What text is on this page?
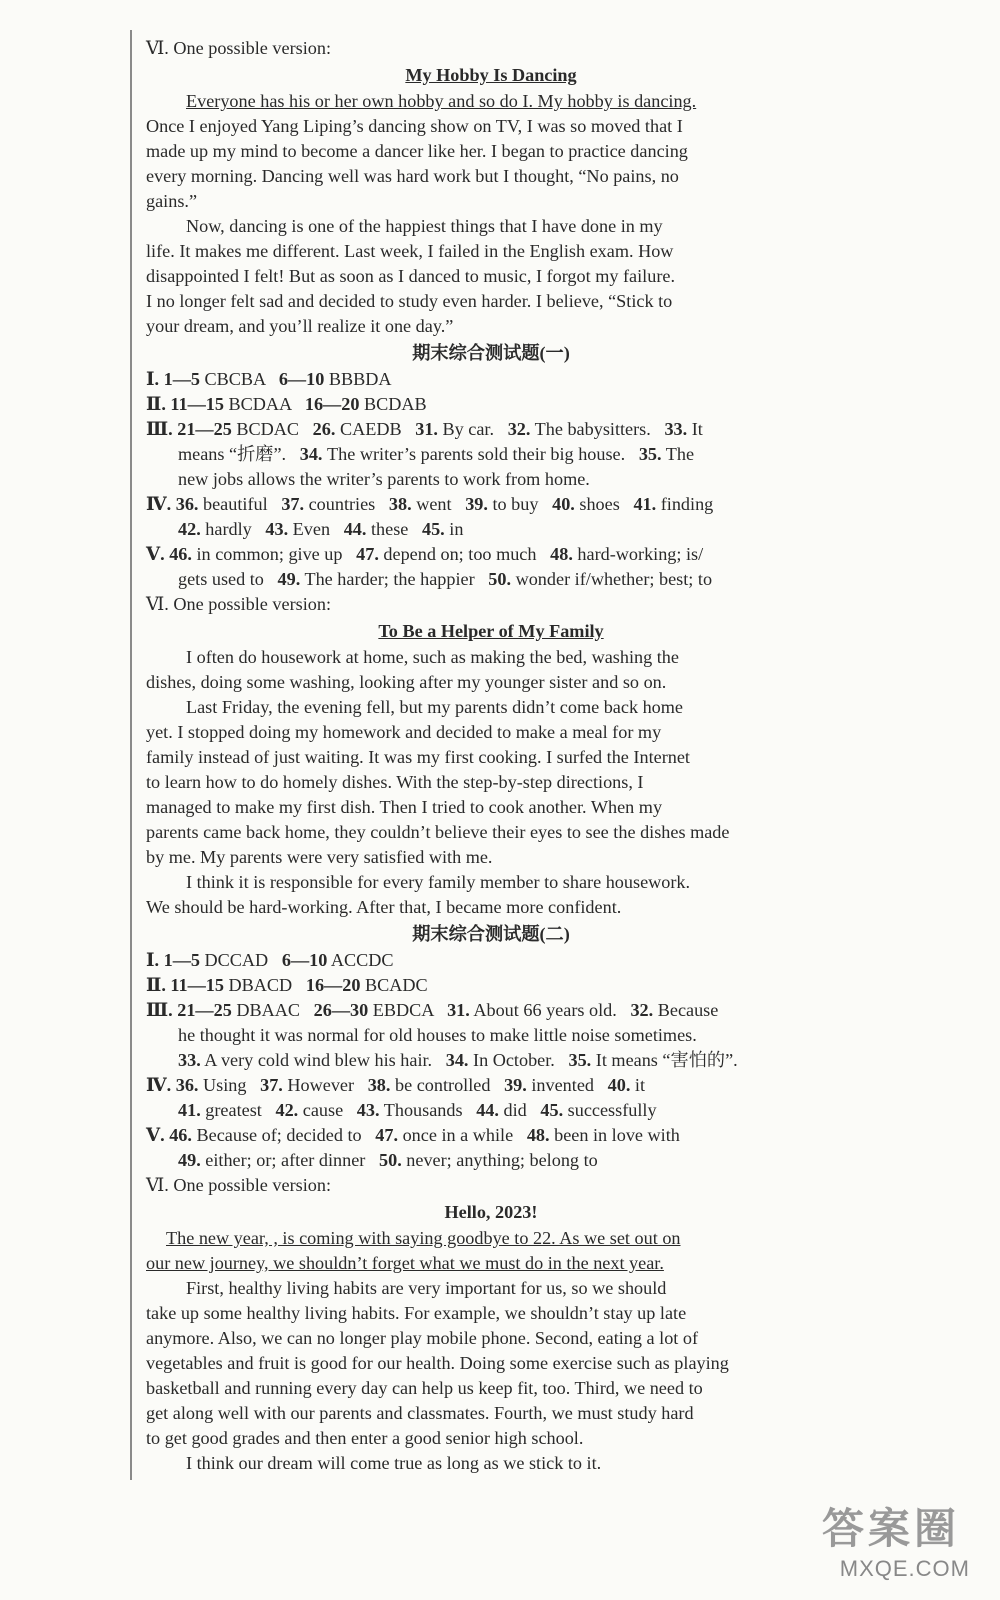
Ⅵ. One possible version:

My Hobby Is Dancing

Everyone has his or her own hobby and so do I. My hobby is dancing.

Once I enjoyed Yang Liping’s dancing show on TV, I was so moved that I

made up my mind to become a dancer like her. I began to practice dancing

every morning. Dancing well was hard work but I thought, “No pains, no

gains.”

Now, dancing is one of the happiest things that I have done in my

life. It makes me different. Last week, I failed in the English exam. How

disappointed I felt! But as soon as I danced to music, I forgot my failure.

I no longer felt sad and decided to study even harder. I believe, “Stick to

your dream, and you’ll realize it one day.”

期末综合测试题(一)

Ⅰ. 1—5 CBCBA   6—10 BBBDA

Ⅱ. 11—15 BCDAA   16—20 BCDAB

Ⅲ. 21—25 BCDAC   26. CAEDB   31. By car.   32. The babysitters.   33. It

means “折磨”.   34. The writer’s parents sold their big house.   35. The

new jobs allows the writer’s parents to work from home.

Ⅳ. 36. beautiful   37. countries   38. went   39. to buy   40. shoes   41. finding

42. hardly   43. Even   44. these   45. in

Ⅴ. 46. in common; give up   47. depend on; too much   48. hard-working; is/

gets used to   49. The harder; the happier   50. wonder if/whether; best; to

Ⅵ. One possible version:

To Be a Helper of My Family

I often do housework at home, such as making the bed, washing the

dishes, doing some washing, looking after my younger sister and so on.

Last Friday, the evening fell, but my parents didn’t come back home

yet. I stopped doing my homework and decided to make a meal for my

family instead of just waiting. It was my first cooking. I surfed the Internet

to learn how to do homely dishes. With the step-by-step directions, I

managed to make my first dish. Then I tried to cook another. When my

parents came back home, they couldn’t believe their eyes to see the dishes made

by me. My parents were very satisfied with me.

I think it is responsible for every family member to share housework.

We should be hard-working. After that, I became more confident.

期末综合测试题(二)

Ⅰ. 1—5 DCCAD   6—10 ACCDC

Ⅱ. 11—15 DBACD   16—20 BCADC

Ⅲ. 21—25 DBAAC   26—30 EBDCA   31. About 66 years old.   32. Because

he thought it was normal for old houses to make little noise sometimes.

33. A very cold wind blew his hair.   34. In October.   35. It means “害怕的”.

Ⅳ. 36. Using   37. However   38. be controlled   39. invented   40. it

41. greatest   42. cause   43. Thousands   44. did   45. successfully

Ⅴ. 46. Because of; decided to   47. once in a while   48. been in love with

49. either; or; after dinner   50. never; anything; belong to

Ⅵ. One possible version:

Hello, 2023!

The new year, , is coming with saying goodbye to 22. As we set out on

our new journey, we shouldn’t forget what we must do in the next year.

First, healthy living habits are very important for us, so we should

take up some healthy living habits. For example, we shouldn’t stay up late

anymore. Also, we can no longer play mobile phone. Second, eating a lot of

vegetables and fruit is good for our health. Doing some exercise such as playing

basketball and running every day can help us keep fit, too. Third, we need to

get along well with our parents and classmates. Fourth, we must study hard

to get good grades and then enter a good senior high school.

I think our dream will come true as long as we stick to it.

答案圈
MXQE.COM
